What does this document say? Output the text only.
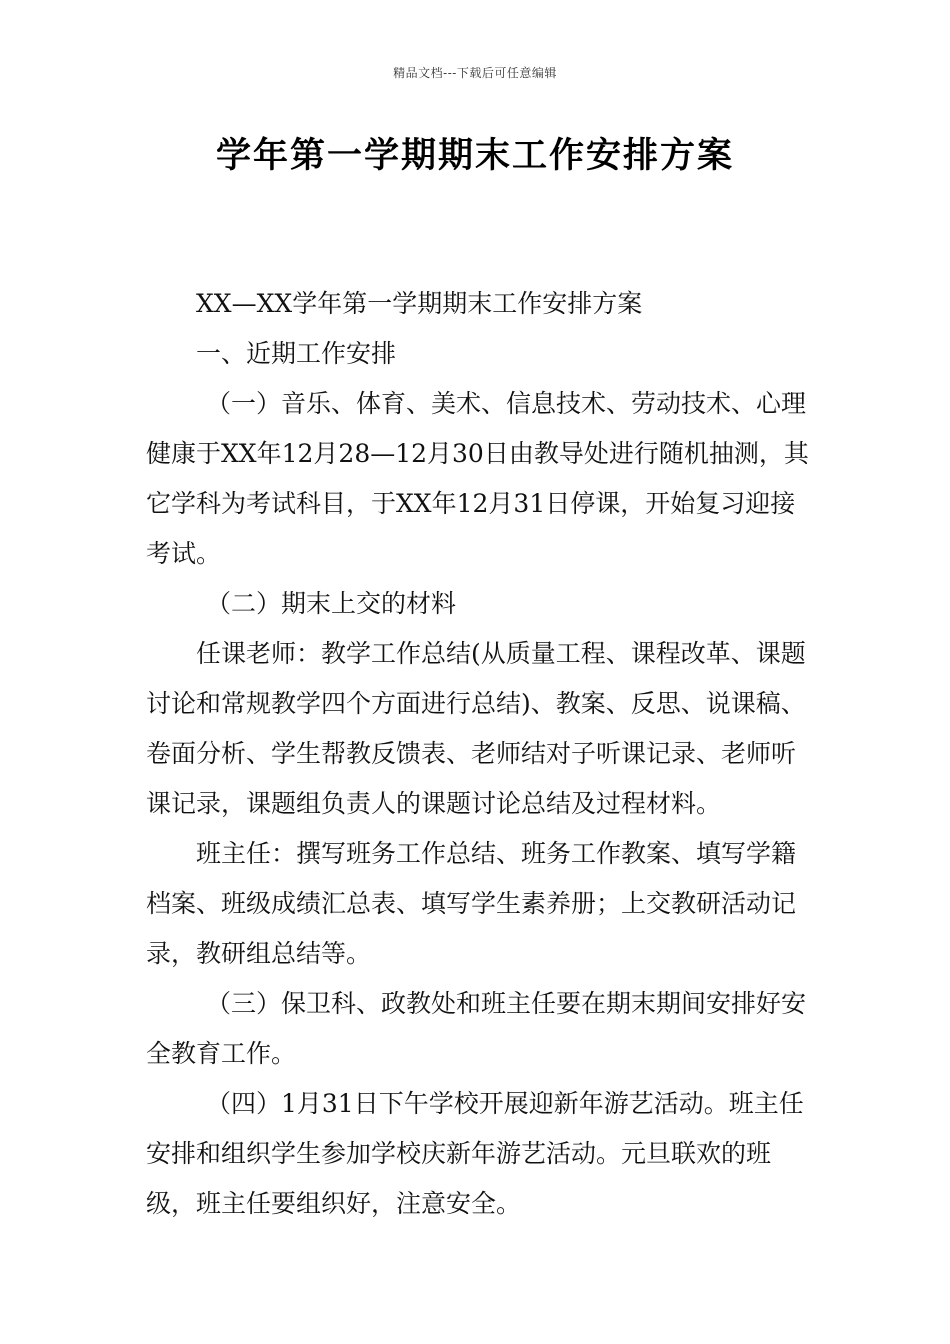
精品文档---下载后可任意编辑
学年第一学期期末工作安排方案

XX—XX学年第一学期期末工作安排方案

一、近期工作安排

（一）音乐、体育、美术、信息技术、劳动技术、心理健康于XX年12月28—12月30日由教导处进行随机抽测，其它学科为考试科目，于XX年12月31日停课，开始复习迎接考试。

（二）期末上交的材料

任课老师：教学工作总结(从质量工程、课程改革、课题讨论和常规教学四个方面进行总结)、教案、反思、说课稿、卷面分析、学生帮教反馈表、老师结对子听课记录、老师听课记录，课题组负责人的课题讨论总结及过程材料。

班主任：撰写班务工作总结、班务工作教案、填写学籍档案、班级成绩汇总表、填写学生素养册；上交教研活动记录，教研组总结等。

（三）保卫科、政教处和班主任要在期末期间安排好安全教育工作。

（四）1月31日下午学校开展迎新年游艺活动。班主任安排和组织学生参加学校庆新年游艺活动。元旦联欢的班级，班主任要组织好，注意安全。
